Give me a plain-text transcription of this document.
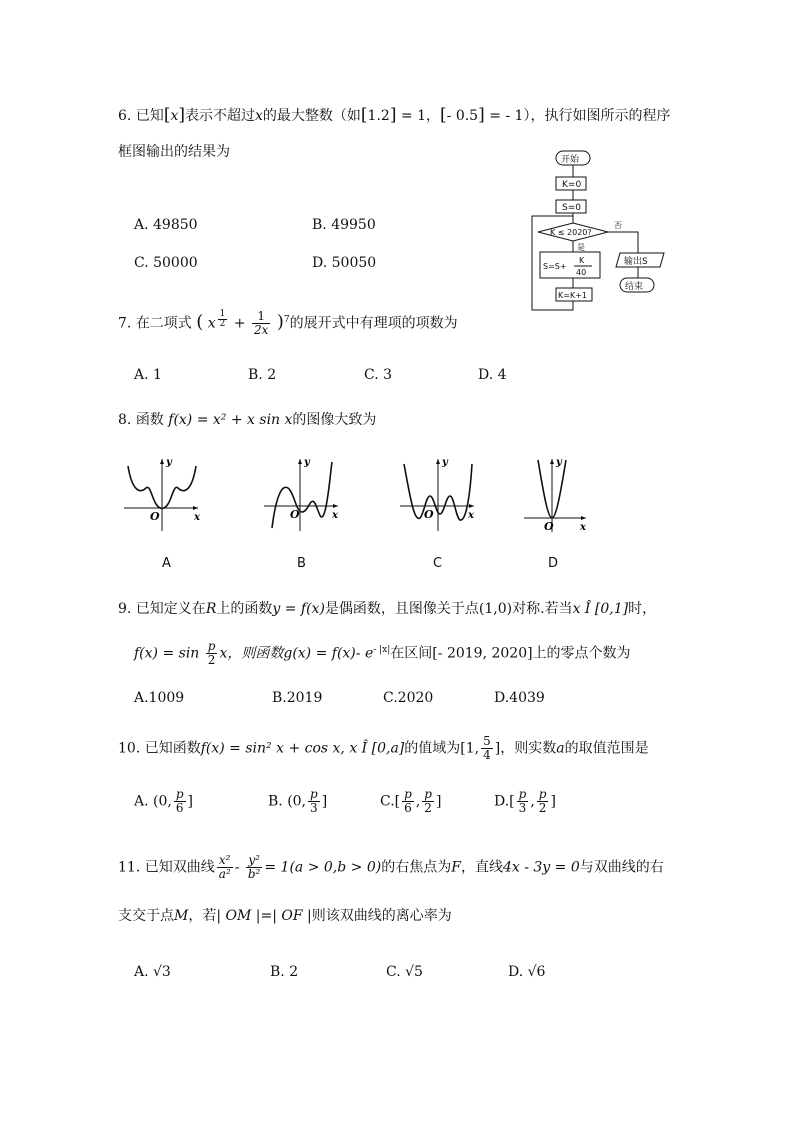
6. 已知[x]表示不超过x的最大整数（如[1.2] = 1，[- 0.5] = - 1），执行如图所示的程序
框图输出的结果为
A. 49850	B. 49950
C. 50000	D. 50050
开始
K=0
S=0
K ≤ 2020?
是
否
S=S+
K
40
K=K+1
输出S
结束
7. 在二项式 ( x $\frac{1}{2} + \frac{1}{2x} )^7$的展开式中有理项的项数为
A. 1	B. 2	C. 3	D. 4
8. 函数 f(x) = x² + x sin x的图像大致为
y
x
O
A
y
x
O
B
y
x
O
C
y
x
O
D
9. 已知定义在R上的函数y = f(x)是偶函数，且图像关于点(1,0)对称.若当x Î [0,1]时，
$f(x) = \sin \frac{p}{2}$ x，则函数g(x) = f(x)- $e^{- |x|}$在区间[- 2019, 2020]上的零点个数为
A.1009	B.2019	C.2020	D.4039
10. 已知函数f(x) = sin² x + cos x, x Î [0,a]的值域为[1, $\frac{5}{4}$ ]，则实数a的取值范围是
A. (0, $\frac{p}{6}$ ]	B. (0, $\frac{p}{3}$ ]	$C.[ \frac{p}{6}$ , $\frac{p}{2}$ ]	$D.[ \frac{p}{3}$ , $\frac{p}{2}$ ]
11. 已知双曲线 $\frac{\text{x²}}{\text{a²}} - \frac{\text{y²}}{\text{b²}} = 1(a > 0,b > 0)$的右焦点为F，直线4x - 3y = 0与双曲线的右
支交于点M，若| OM |=| OF |则该双曲线的离心率为
A. √3	B. 2	C. √5	D. √6
